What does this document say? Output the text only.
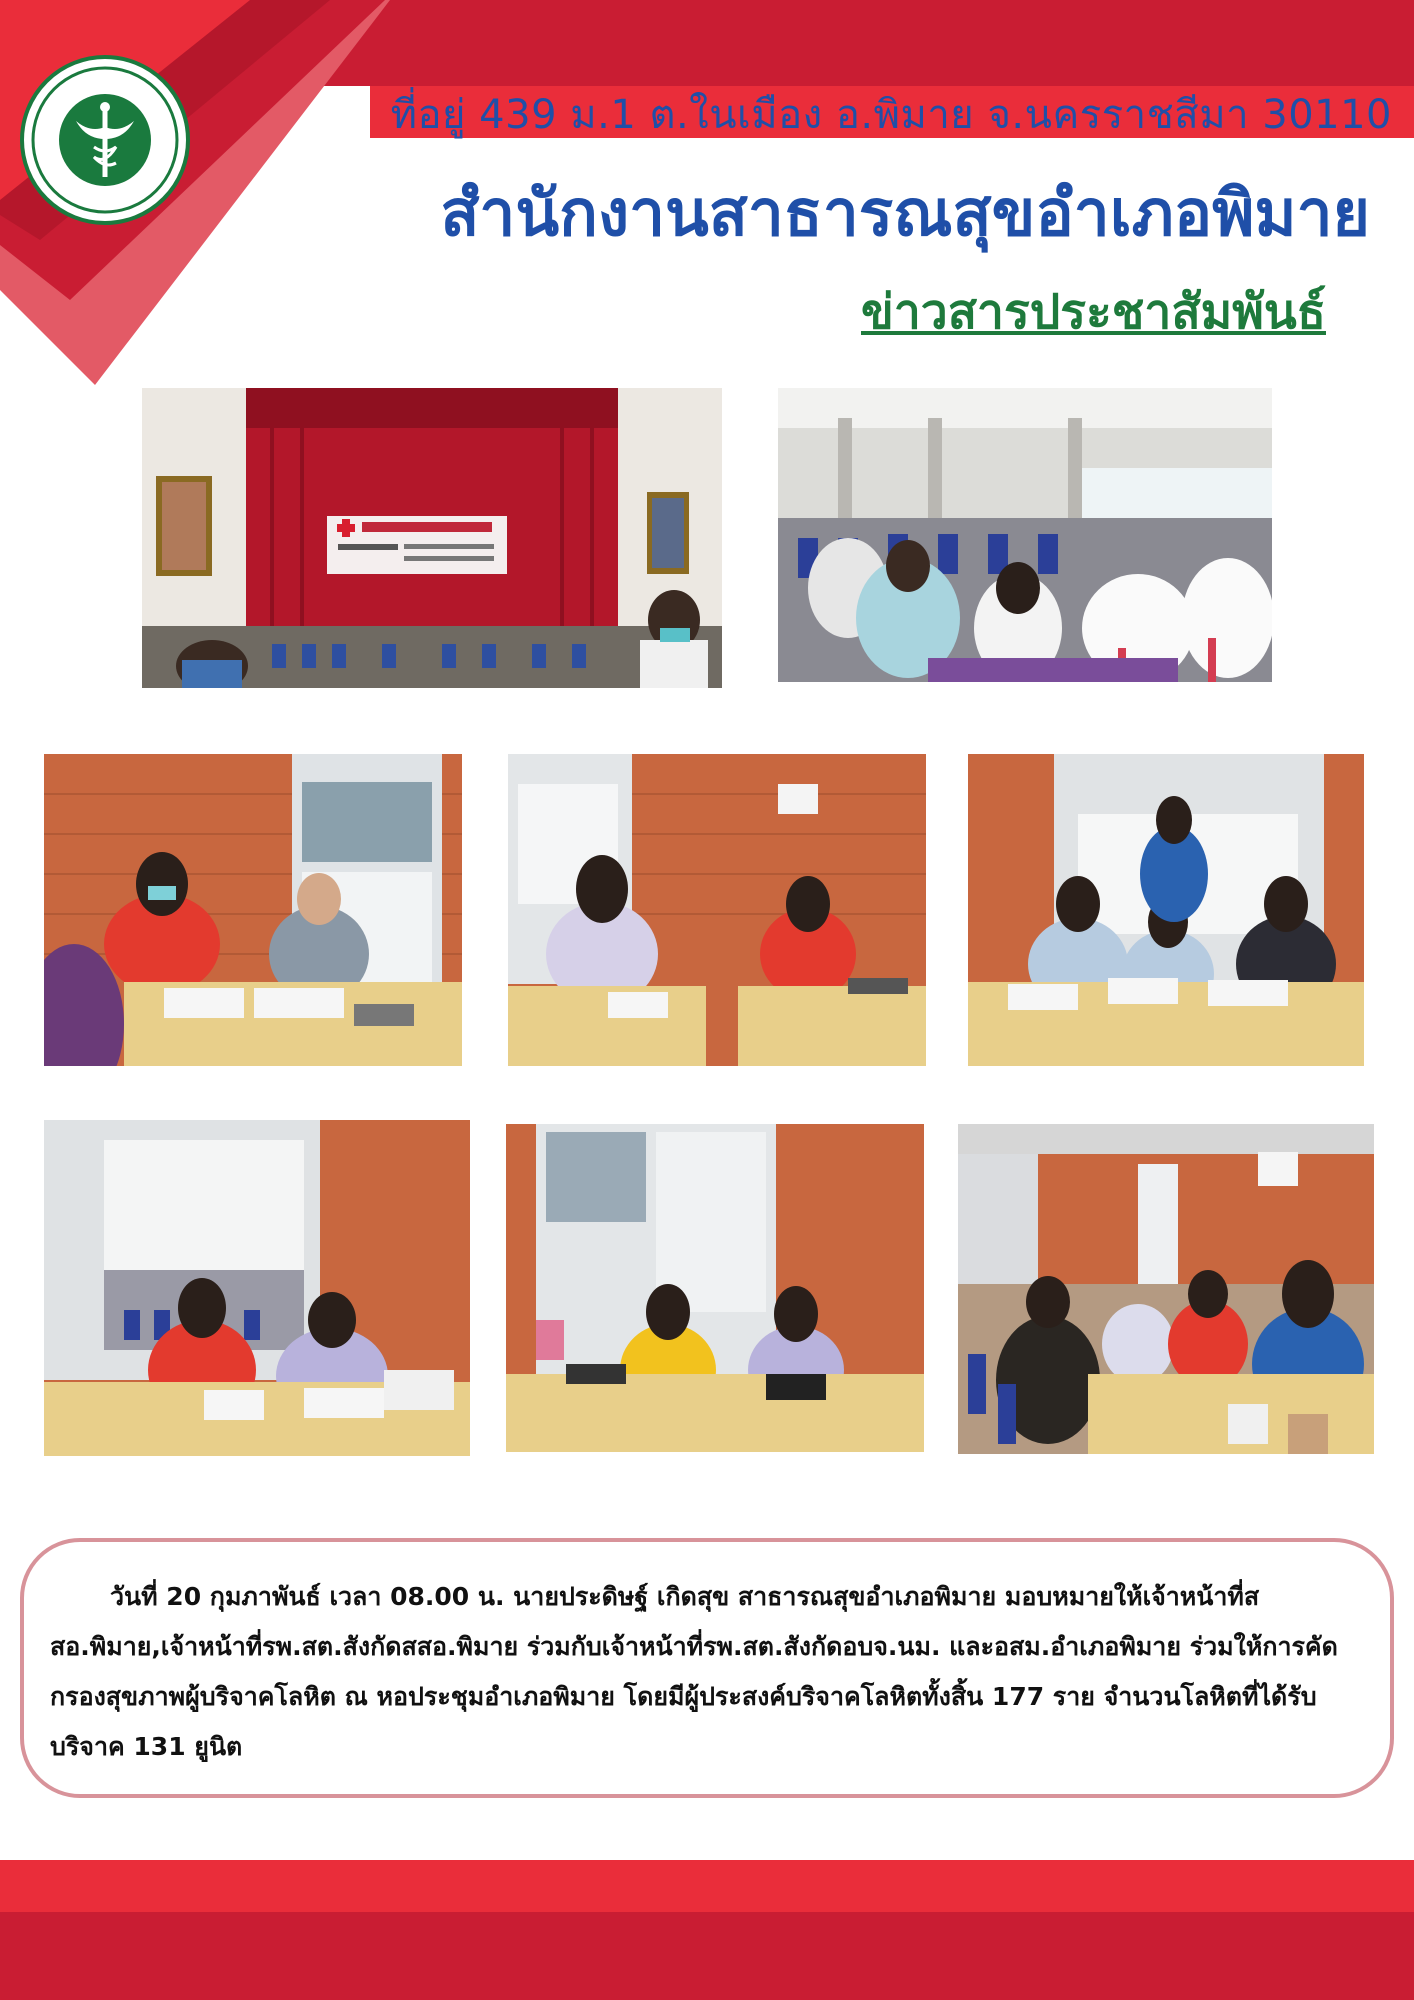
ที่อยู่ 439 ม.1 ต.ในเมือง อ.พิมาย จ.นครราชสีมา 30110
สำนักงานสาธารณสุขอำเภอพิมาย
ข่าวสารประชาสัมพันธ์

วันที่ 20 กุมภาพันธ์ เวลา 08.00 น. นายประดิษฐ์ เกิดสุข สาธารณสุขอำเภอพิมาย มอบหมายให้เจ้าหน้าที่สสอ.พิมาย,เจ้าหน้าที่รพ.สต.สังกัดสสอ.พิมาย ร่วมกับเจ้าหน้าที่รพ.สต.สังกัดอบจ.นม. และอสม.อำเภอพิมาย ร่วมให้การคัดกรองสุขภาพผู้บริจาคโลหิต ณ หอประชุมอำเภอพิมาย โดยมีผู้ประสงค์บริจาคโลหิตทั้งสิ้น 177 ราย จำนวนโลหิตที่ได้รับบริจาค 131 ยูนิต
